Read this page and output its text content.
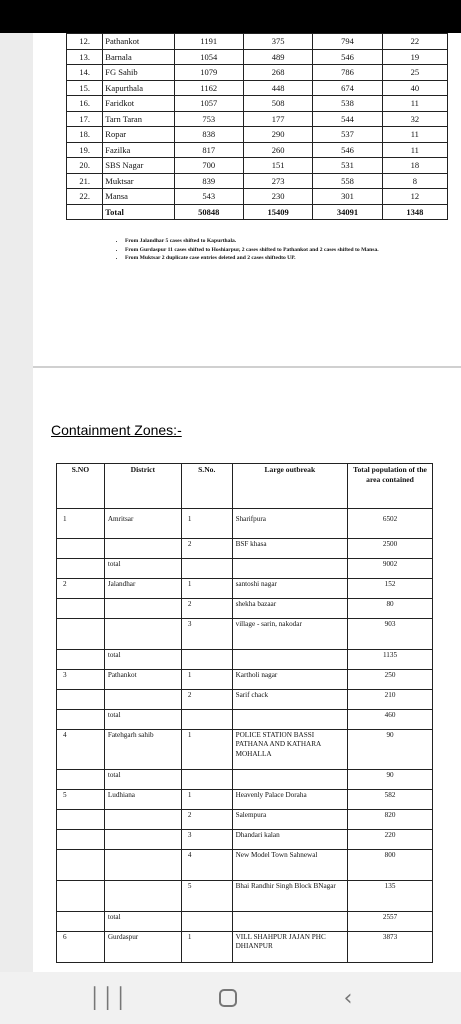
12.	Pathankot	1191	375	794	22
13.	Barnala	1054	489	546	19
14.	FG Sahib	1079	268	786	25
15.	Kapurthala	1162	448	674	40
16.	Faridkot	1057	508	538	11
17.	Tarn Taran	753	177	544	32
18.	Ropar	838	290	537	11
19.	Fazilka	817	260	546	11
20.	SBS Nagar	700	151	531	18
21.	Muktsar	839	273	558	8
22.	Mansa	543	230	301	12
	Total	50848	15409	34091	1348
• From Jalandhar 5 cases shifted to Kapurthala.
• From Gurdaspur 11 cases shifted to Hoshiarpur, 2 cases shifted to Pathankot and 2 cases shifted to Mansa.
• From Muktsar 2 duplicate case entries deleted and 2 cases shiftedto UP.
Containment Zones:-
S.NO	District	S.No.	Large outbreak	Total population of the area contained
1	Amritsar	1	Sharifpura	6502
		2	BSF khasa	2500
	total			9002
2	Jalandhar	1	santoshi nagar	152
		2	shekha bazaar	80
		3	village - sarin, nakodar	903
	total			1135
3	Pathankot	1	Kartholi nagar	250
		2	Sarif chack	210
	total			460
4	Fatehgarh sahib	1	POLICE STATION BASSI PATHANA AND KATHARA MOHALLA	90
	total			90
5	Ludhiana	1	Heavenly Palace Doraha	582
		2	Salempura	820
		3	Dhandari kalan	220
		4	New Model Town Sahnewal	800
		5	Bhai Randhir Singh Block BNagar	135
	total			2557
6	Gurdaspur	1	VILL SHAHPUR JAJAN PHC DHIANPUR	3873
│││	‹
